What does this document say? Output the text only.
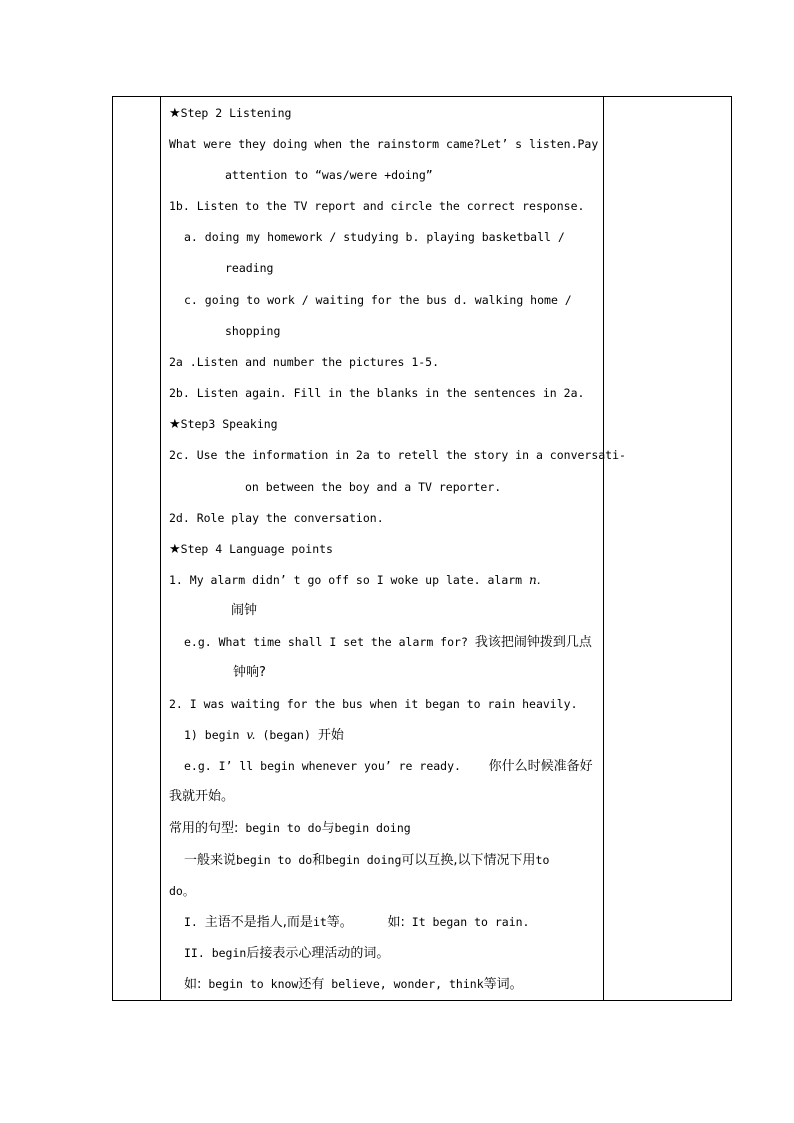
★Step 2 Listening
What were they doing when the rainstorm came?Let’ s listen.Pay
attention to “was/were +doing”
1b. Listen to the TV report and circle the correct response.
a. doing my homework / studying b. playing basketball /
reading
c. going to work / waiting for the bus d. walking home /
shopping
2a .Listen and number the pictures 1-5.
2b. Listen again. Fill in the blanks in the sentences in 2a.
★Step3 Speaking
2c. Use the information in 2a to retell the story in a conversati-
on between the boy and a TV reporter.
2d. Role play the conversation.
★Step 4 Language points
1. My alarm didn’ t go off so I woke up late. alarm n.
闹钟
e.g. What time shall I set the alarm for? 我该把闹钟拨到几点
钟响?
2. I was waiting for the bus when it began to rain heavily.
1) begin v. (began) 开始
e.g. I’ ll begin whenever you’ re ready. 你什么时候准备好
我就开始。
常用的句型: begin to do与begin doing
一般来说begin to do和begin doing可以互换,以下情况下用to
do。
I. 主语不是指人,而是it等。	如: It began to rain.
II. begin后接表示心理活动的词。
如: begin to know还有 believe, wonder, think等词。
